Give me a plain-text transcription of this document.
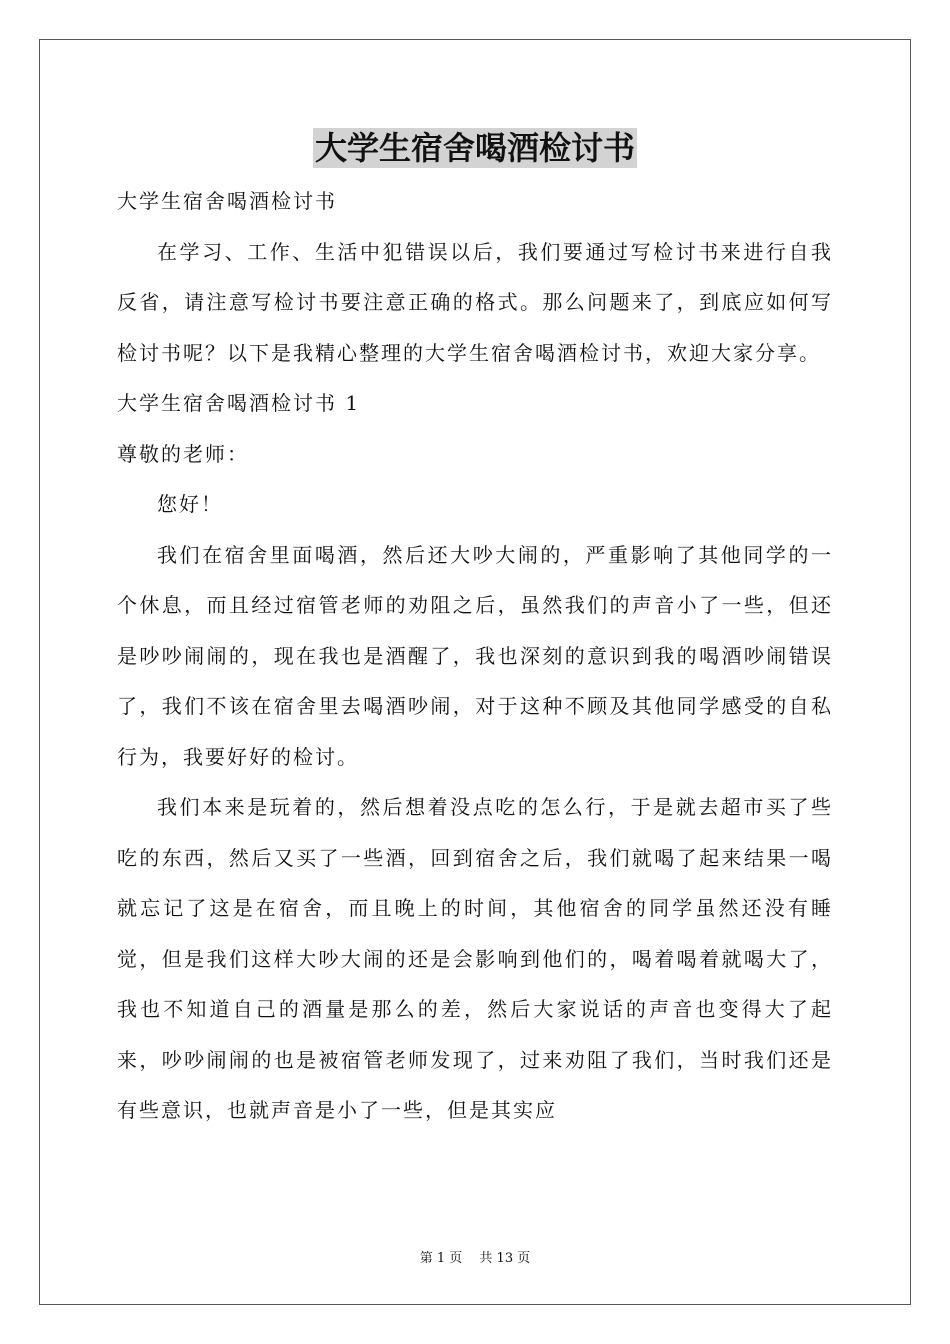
大学生宿舍喝酒检讨书

大学生宿舍喝酒检讨书

在学习、工作、生活中犯错误以后，我们要通过写检讨书来进行自我反省，请注意写检讨书要注意正确的格式。那么问题来了，到底应如何写检讨书呢？以下是我精心整理的大学生宿舍喝酒检讨书，欢迎大家分享。

大学生宿舍喝酒检讨书 1

尊敬的老师：

您好！

我们在宿舍里面喝酒，然后还大吵大闹的，严重影响了其他同学的一个休息，而且经过宿管老师的劝阻之后，虽然我们的声音小了一些，但还是吵吵闹闹的，现在我也是酒醒了，我也深刻的意识到我的喝酒吵闹错误了，我们不该在宿舍里去喝酒吵闹，对于这种不顾及其他同学感受的自私行为，我要好好的检讨。

我们本来是玩着的，然后想着没点吃的怎么行，于是就去超市买了些吃的东西，然后又买了一些酒，回到宿舍之后，我们就喝了起来结果一喝就忘记了这是在宿舍，而且晚上的时间，其他宿舍的同学虽然还没有睡觉，但是我们这样大吵大闹的还是会影响到他们的，喝着喝着就喝大了，我也不知道自己的酒量是那么的差，然后大家说话的声音也变得大了起来，吵吵闹闹的也是被宿管老师发现了，过来劝阻了我们，当时我们还是有些意识，也就声音是小了一些，但是其实应

第 1 页　 共 13 页
